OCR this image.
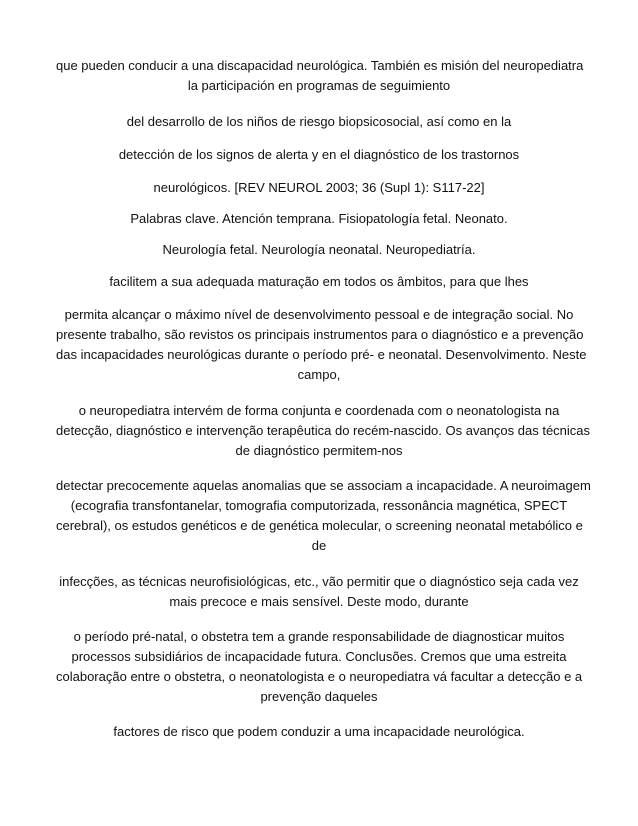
que pueden conducir a una discapacidad neurológica. También es misión del neuropediatra
la participación en programas de seguimiento
del desarrollo de los niños de riesgo biopsicosocial, así como en la
detección de los signos de alerta y en el diagnóstico de los trastornos
neurológicos. [REV NEUROL 2003; 36 (Supl 1): S117-22]
Palabras clave. Atención temprana. Fisiopatología fetal. Neonato.
Neurología fetal. Neurología neonatal. Neuropediatría.
facilitem a sua adequada maturação em todos os âmbitos, para que lhes
permita alcançar o máximo nível de desenvolvimento pessoal e de integração social. No
presente trabalho, são revistos os principais instrumentos para o diagnóstico e a prevenção
das incapacidades neurológicas durante o período pré- e neonatal. Desenvolvimento. Neste
campo,
o neuropediatra intervém de forma conjunta e coordenada com o neonatologista na
detecção, diagnóstico e intervenção terapêutica do recém-nascido. Os avanços das técnicas
de diagnóstico permitem-nos
detectar precocemente aquelas anomalias que se associam a incapacidade. A neuroimagem
(ecografia transfontanelar, tomografia computorizada, ressonância magnética, SPECT
cerebral), os estudos genéticos e de genética molecular, o screening neonatal metabólico e
de
infecções, as técnicas neurofisiológicas, etc., vão permitir que o diagnóstico seja cada vez
mais precoce e mais sensível. Deste modo, durante
o período pré-natal, o obstetra tem a grande responsabilidade de diagnosticar muitos
processos subsidiários de incapacidade futura. Conclusões. Cremos que uma estreita
colaboração entre o obstetra, o neonatologista e o neuropediatra vá facultar a detecção e a
prevenção daqueles
factores de risco que podem conduzir a uma incapacidade neurológica.
